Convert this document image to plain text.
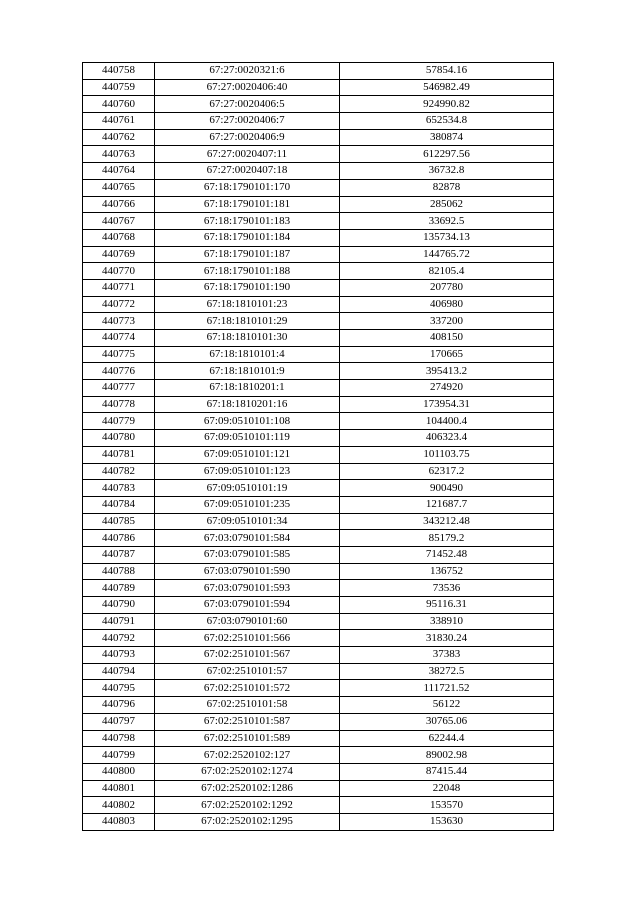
440758	67:27:0020321:6	57854.16
440759	67:27:0020406:40	546982.49
440760	67:27:0020406:5	924990.82
440761	67:27:0020406:7	652534.8
440762	67:27:0020406:9	380874
440763	67:27:0020407:11	612297.56
440764	67:27:0020407:18	36732.8
440765	67:18:1790101:170	82878
440766	67:18:1790101:181	285062
440767	67:18:1790101:183	33692.5
440768	67:18:1790101:184	135734.13
440769	67:18:1790101:187	144765.72
440770	67:18:1790101:188	82105.4
440771	67:18:1790101:190	207780
440772	67:18:1810101:23	406980
440773	67:18:1810101:29	337200
440774	67:18:1810101:30	408150
440775	67:18:1810101:4	170665
440776	67:18:1810101:9	395413.2
440777	67:18:1810201:1	274920
440778	67:18:1810201:16	173954.31
440779	67:09:0510101:108	104400.4
440780	67:09:0510101:119	406323.4
440781	67:09:0510101:121	101103.75
440782	67:09:0510101:123	62317.2
440783	67:09:0510101:19	900490
440784	67:09:0510101:235	121687.7
440785	67:09:0510101:34	343212.48
440786	67:03:0790101:584	85179.2
440787	67:03:0790101:585	71452.48
440788	67:03:0790101:590	136752
440789	67:03:0790101:593	73536
440790	67:03:0790101:594	95116.31
440791	67:03:0790101:60	338910
440792	67:02:2510101:566	31830.24
440793	67:02:2510101:567	37383
440794	67:02:2510101:57	38272.5
440795	67:02:2510101:572	111721.52
440796	67:02:2510101:58	56122
440797	67:02:2510101:587	30765.06
440798	67:02:2510101:589	62244.4
440799	67:02:2520102:127	89002.98
440800	67:02:2520102:1274	87415.44
440801	67:02:2520102:1286	22048
440802	67:02:2520102:1292	153570
440803	67:02:2520102:1295	153630
